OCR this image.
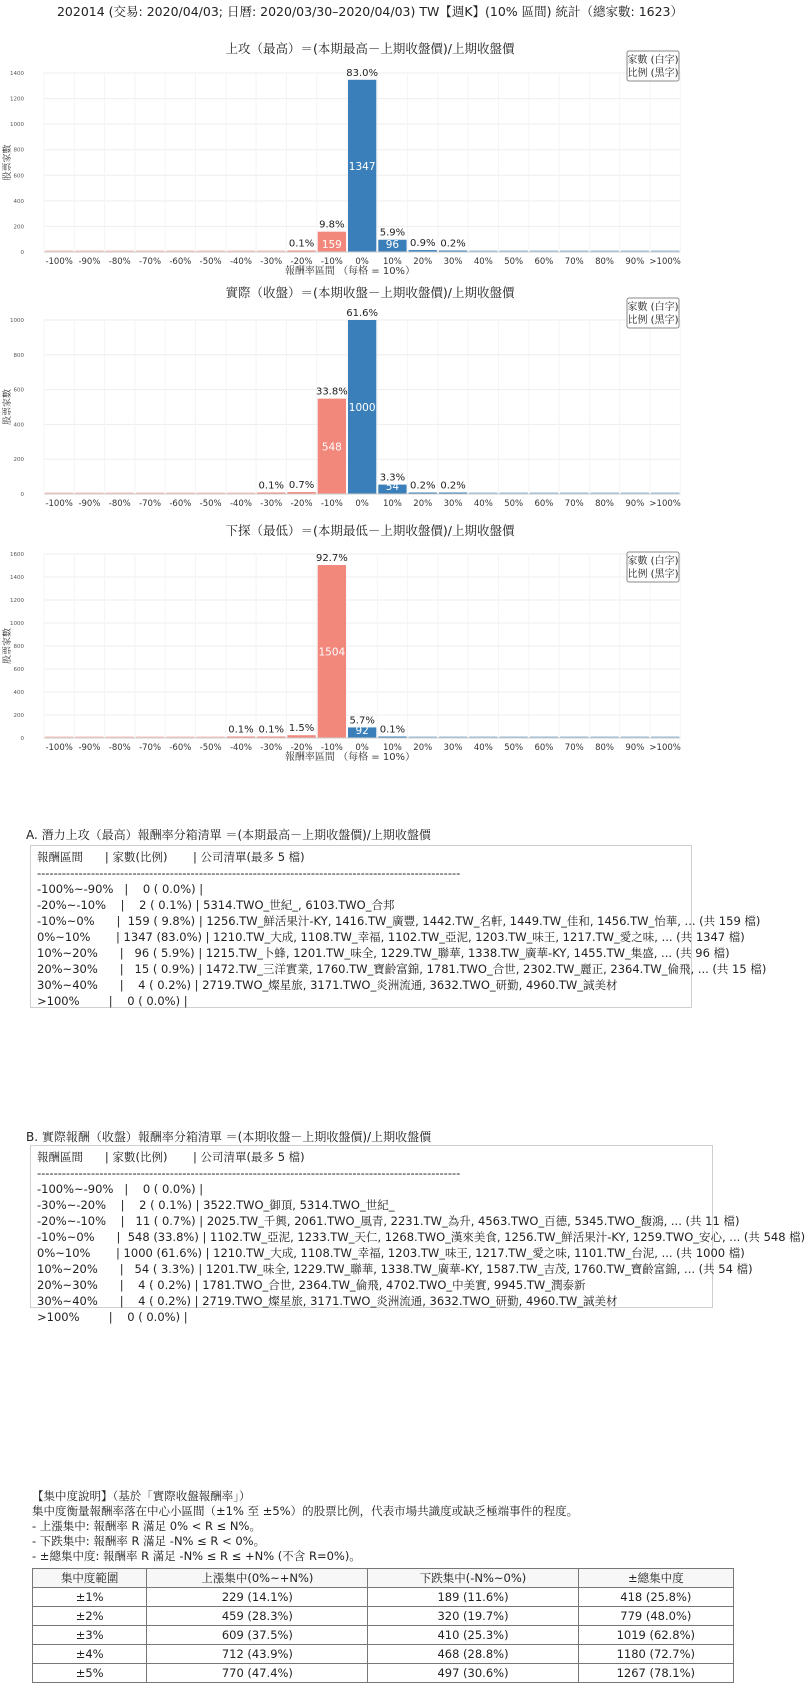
202014 (交易: 2020/04/03; 日曆: 2020/03/30–2020/04/03) TW【週K】(10% 區間) 統計（總家數: 1623）
上攻（最高）＝(本期最高－上期收盤價)/上期收盤價
0
200
400
600
800
1000
1200
1400
股票家數
0.1%
9.8%
159
83.0%
1347
5.9%
96 0.9% 0.2%
-100% -90% -80% -70% -60% -50% -40% -30% -20% -10% 0% 10% 20% 30% 40% 50% 60% 70% 80% 90% >100%
報酬率區間 （每格 = 10%）
家數 (白字)
比例 (黑字)
實際（收盤）＝(本期收盤－上期收盤價)/上期收盤價
0
200
400
600
800
1000
股票家數
0.1% 0.7%
33.8%
548
61.6%
1000
3.3%
54 0.2% 0.2%
-100% -90% -80% -70% -60% -50% -40% -30% -20% -10% 0% 10% 20% 30% 40% 50% 60% 70% 80% 90% >100%
家數 (白字)
比例 (黑字)
下探（最低）＝(本期最低－上期收盤價)/上期收盤價
0
200
400
600
800
1000
1200
1400
1600
股票家數
0.1% 0.1% 1.5%
92.7%
1504
5.7%
92 0.1%
-100% -90% -80% -70% -60% -50% -40% -30% -20% -10% 0% 10% 20% 30% 40% 50% 60% 70% 80% 90% >100%
報酬率區間 （每格 = 10%）
家數 (白字)
比例 (黑字)
A. 潛力上攻（最高）報酬率分箱清單 ＝(本期最高－上期收盤價)/上期收盤價
報酬區間      | 家數(比例)       | 公司清單(最多 5 檔)
------------------------------------------------------------------------------------------------------
-100%~-90%   |    0 ( 0.0%) |
-20%~-10%    |    2 ( 0.1%) | 5314.TWO_世紀_, 6103.TWO_合邦
-10%~0%      |  159 ( 9.8%) | 1256.TW_鮮活果汁-KY, 1416.TW_廣豐, 1442.TW_名軒, 1449.TW_佳和, 1456.TW_怡華, ... (共 159 檔)
0%~10%       | 1347 (83.0%) | 1210.TW_大成, 1108.TW_幸福, 1102.TW_亞泥, 1203.TW_味王, 1217.TW_愛之味, ... (共 1347 檔)
10%~20%      |   96 ( 5.9%) | 1215.TW_卜蜂, 1201.TW_味全, 1229.TW_聯華, 1338.TW_廣華-KY, 1455.TW_集盛, ... (共 96 檔)
20%~30%      |   15 ( 0.9%) | 1472.TW_三洋實業, 1760.TW_寶齡富錦, 1781.TWO_合世, 2302.TW_麗正, 2364.TW_倫飛, ... (共 15 檔)
30%~40%      |    4 ( 0.2%) | 2719.TWO_燦星旅, 3171.TWO_炎洲流通, 3632.TWO_研勤, 4960.TW_誠美材
>100%        |    0 ( 0.0%) |
B. 實際報酬（收盤）報酬率分箱清單 ＝(本期收盤－上期收盤價)/上期收盤價
報酬區間      | 家數(比例)       | 公司清單(最多 5 檔)
------------------------------------------------------------------------------------------------------
-100%~-90%   |    0 ( 0.0%) |
-30%~-20%    |    2 ( 0.1%) | 3522.TWO_御頂, 5314.TWO_世紀_
-20%~-10%    |   11 ( 0.7%) | 2025.TW_千興, 2061.TWO_風青, 2231.TW_為升, 4563.TWO_百德, 5345.TWO_馥鴻, ... (共 11 檔)
-10%~0%      |  548 (33.8%) | 1102.TW_亞泥, 1233.TW_天仁, 1268.TWO_漢來美食, 1256.TW_鮮活果汁-KY, 1259.TWO_安心, ... (共 548 檔)
0%~10%       | 1000 (61.6%) | 1210.TW_大成, 1108.TW_幸福, 1203.TW_味王, 1217.TW_愛之味, 1101.TW_台泥, ... (共 1000 檔)
10%~20%      |   54 ( 3.3%) | 1201.TW_味全, 1229.TW_聯華, 1338.TW_廣華-KY, 1587.TW_吉茂, 1760.TW_寶齡富錦, ... (共 54 檔)
20%~30%      |    4 ( 0.2%) | 1781.TWO_合世, 2364.TW_倫飛, 4702.TWO_中美實, 9945.TW_潤泰新
30%~40%      |    4 ( 0.2%) | 2719.TWO_燦星旅, 3171.TWO_炎洲流通, 3632.TWO_研勤, 4960.TW_誠美材
>100%        |    0 ( 0.0%) |
【集中度說明】（基於「實際收盤報酬率」）
集中度衡量報酬率落在中心小區間（±1% 至 ±5%）的股票比例，代表市場共識度或缺乏極端事件的程度。
- 上漲集中: 報酬率 R 滿足 0% < R ≤ N%。
- 下跌集中: 報酬率 R 滿足 -N% ≤ R < 0%。
- ±總集中度: 報酬率 R 滿足 -N% ≤ R ≤ +N% (不含 R=0%)。
集中度範圍	上漲集中(0%~+N%)	下跌集中(-N%~0%)	±總集中度
±1%	229 (14.1%)	189 (11.6%)	418 (25.8%)
±2%	459 (28.3%)	320 (19.7%)	779 (48.0%)
±3%	609 (37.5%)	410 (25.3%)	1019 (62.8%)
±4%	712 (43.9%)	468 (28.8%)	1180 (72.7%)
±5%	770 (47.4%)	497 (30.6%)	1267 (78.1%)
